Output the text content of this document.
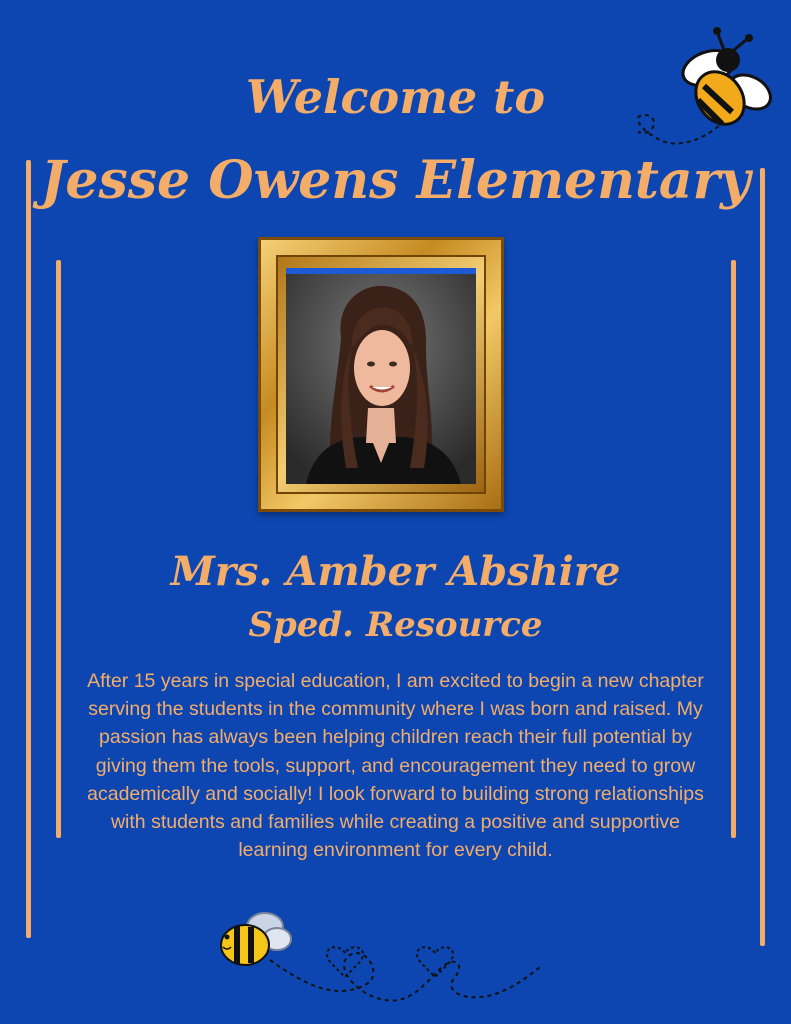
Welcome to
Jesse Owens Elementary
Mrs. Amber Abshire
Sped. Resource
After 15 years in special education, I am excited to begin a new chapter serving the students in the community where I was born and raised. My passion has always been helping children reach their full potential by giving them the tools, support, and encouragement they need to grow academically and socially! I look forward to building strong relationships with students and families while creating a positive and supportive learning environment for every child.
